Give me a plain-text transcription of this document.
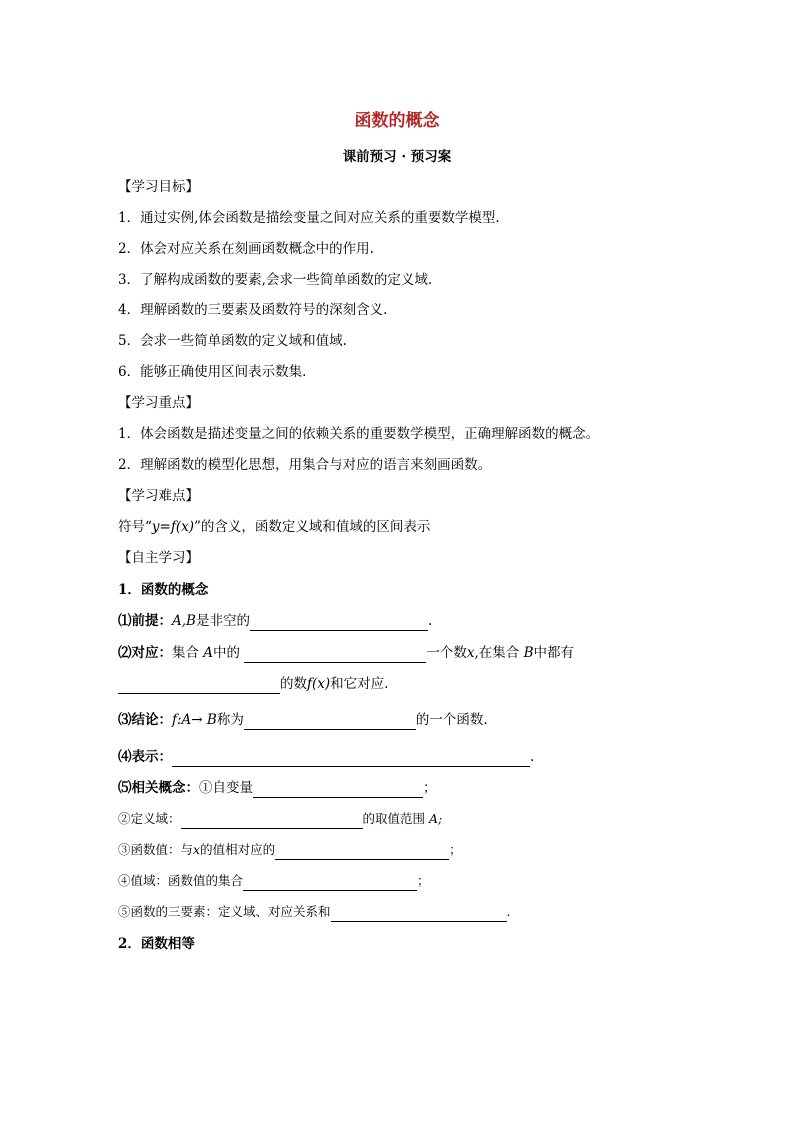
函数的概念
课前预习 · 预习案
【学习目标】
1．通过实例,体会函数是描绘变量之间对应关系的重要数学模型.
2．体会对应关系在刻画函数概念中的作用.
3．了解构成函数的要素,会求一些简单函数的定义域.
4．理解函数的三要素及函数符号的深刻含义.
5．会求一些简单函数的定义域和值域.
6．能够正确使用区间表示数集.
【学习重点】
1．体会函数是描述变量之间的依赖关系的重要数学模型，正确理解函数的概念。
2．理解函数的模型化思想，用集合与对应的语言来刻画函数。
【学习难点】
符号“y=f(x)”的含义，函数定义域和值域的区间表示
【自主学习】
1．函数的概念
⑴前提：A,B是非空的	.
⑵对应：集合 A中的	一个数x,在集合 B中都有
的数f(x)和它对应.
⑶结论：f:A→ B称为	的一个函数.
⑷表示：	.
⑸相关概念：①自变量	；
②定义域：	的取值范围 A;
③函数值：与x的值相对应的	；
④值域：函数值的集合	；
⑤函数的三要素：定义域、对应关系和	.
2．函数相等
